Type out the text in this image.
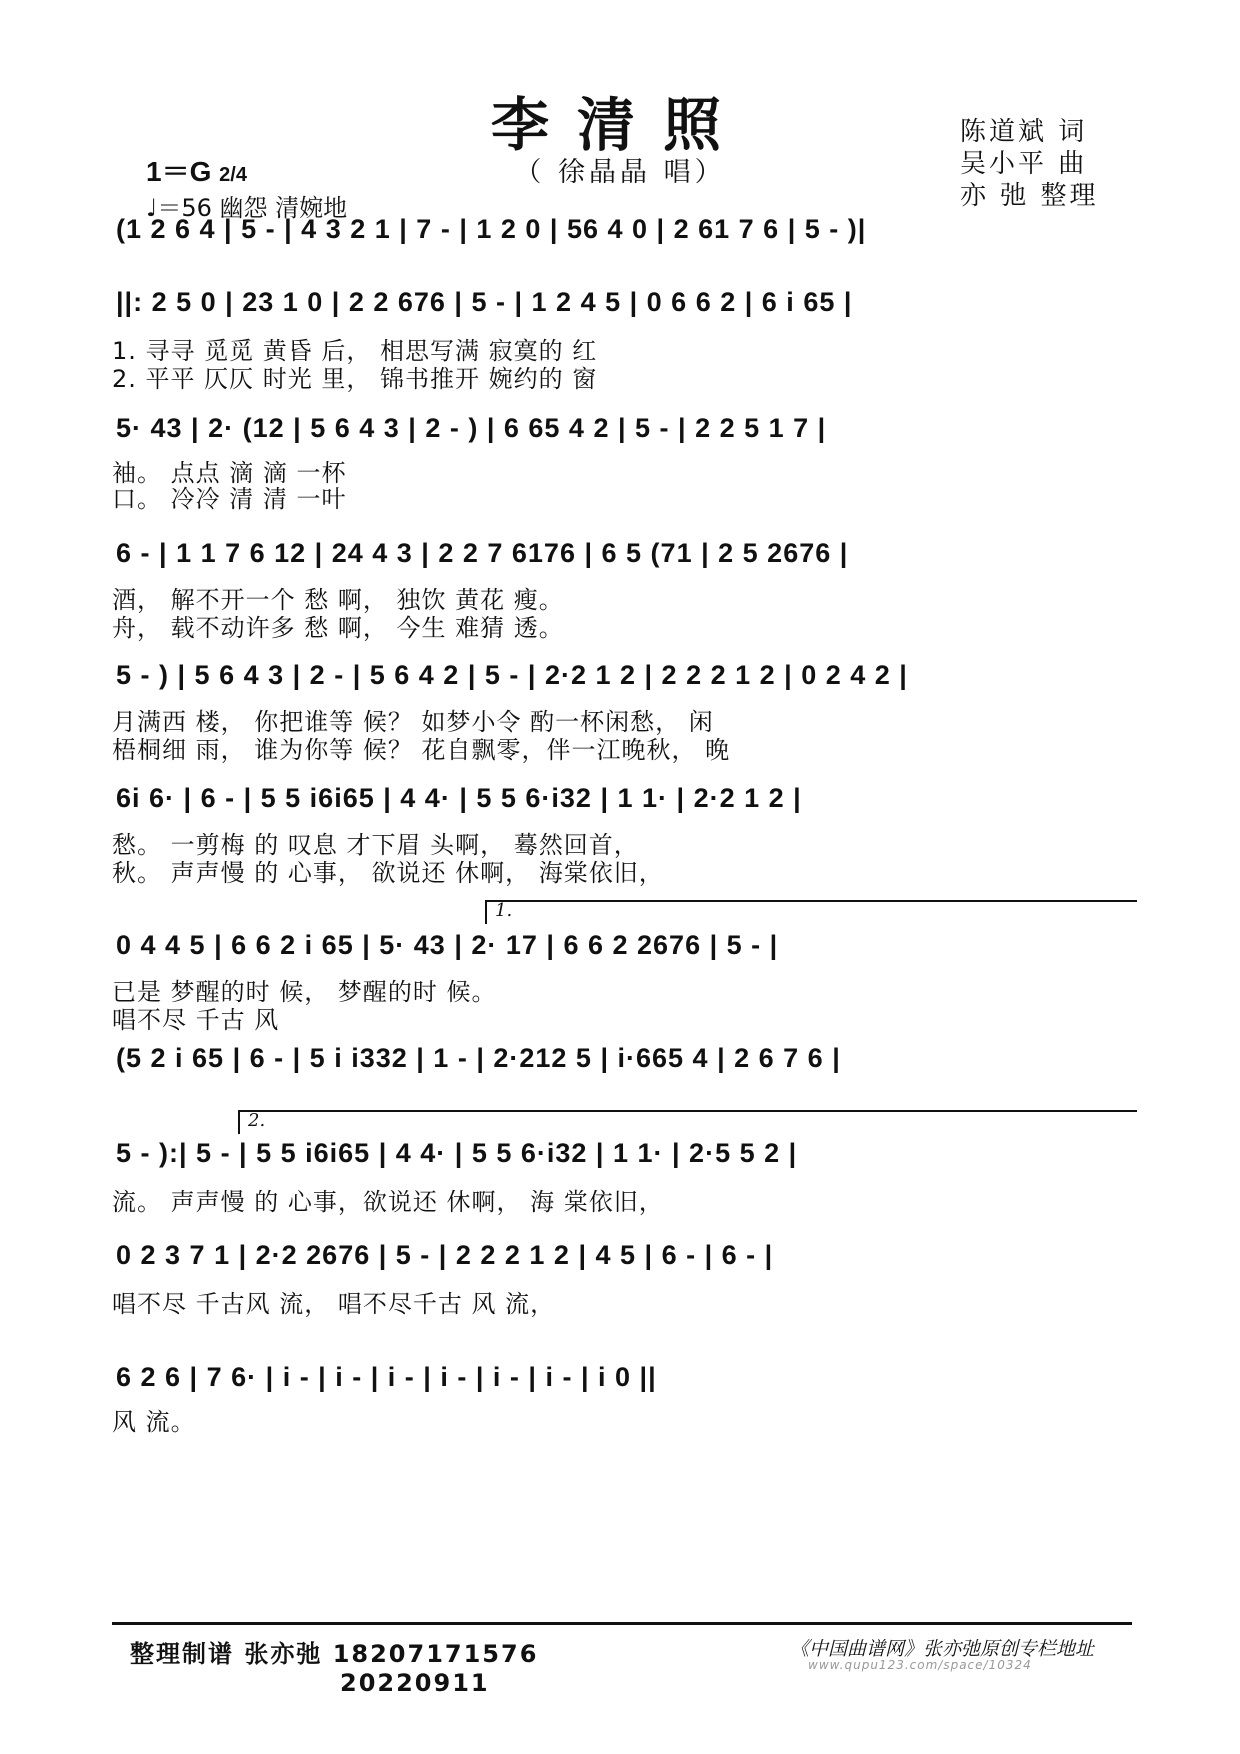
李清照
（ 徐晶晶 唱）
1＝G 2/4
♩＝56 幽怨 清婉地
陈道斌 词
吴小平 曲
亦 弛 整理
(1 2 6 4 | 5 - | 4 3 2 1 | 7 - | 1 2 0 | 56 4 0 | 2 61 7 6 | 5 - )|
||: 2 5 0 | 23 1 0 | 2 2 676 | 5 - | 1 2 4 5 | 0 6 6 2 | 6 i 65 |
1. 寻寻 觅觅 黄昏 后， 相思写满 寂寞的 红
2. 平平 仄仄 时光 里， 锦书推开 婉约的 窗
5· 43 | 2· (12 | 5 6 4 3 | 2 - ) | 6 65 4 2 | 5 - | 2 2 5 1 7 |
袖。 点点 滴 滴 一杯
口。 冷冷 清 清 一叶
6 - | 1 1 7 6 12 | 24 4 3 | 2 2 7 6176 | 6 5 (71 | 2 5 2676 |
酒， 解不开一个 愁 啊， 独饮 黄花 瘦。
舟， 载不动许多 愁 啊， 今生 难猜 透。
5 - ) | 5 6 4 3 | 2 - | 5 6 4 2 | 5 - | 2·2 1 2 | 2 2 2 1 2 | 0 2 4 2 |
月满西 楼， 你把谁等 候？ 如梦小令 酌一杯闲愁， 闲
梧桐细 雨， 谁为你等 候？ 花自飘零，伴一江晚秋， 晚
6i 6· | 6 - | 5 5 i6i65 | 4 4· | 5 5 6·i32 | 1 1· | 2·2 1 2 |
愁。 一剪梅 的 叹息 才下眉 头啊， 蓦然回首，
秋。 声声慢 的 心事， 欲说还 休啊， 海棠依旧，
1.
0 4 4 5 | 6 6 2 i 65 | 5· 43 | 2· 17 | 6 6 2 2676 | 5 - |
已是 梦醒的时 候， 梦醒的时 候。
唱不尽 千古 风
(5 2 i 65 | 6 - | 5 i i332 | 1 - | 2·212 5 | i·665 4 | 2 6 7 6 |
2.
5 - ):| 5 - | 5 5 i6i65 | 4 4· | 5 5 6·i32 | 1 1· | 2·5 5 2 |
流。 声声慢 的 心事，欲说还 休啊， 海 棠依旧，
0 2 3 7 1 | 2·2 2676 | 5 - | 2 2 2 1 2 | 4 5 | 6 - | 6 - |
唱不尽 千古风 流， 唱不尽千古 风 流，
6 2 6 | 7 6· | i - | i - | i - | i - | i - | i - | i 0 ||
风 流。
整理制谱 张亦弛 18207171576
20220911
《中国曲谱网》张亦弛原创专栏地址
www.qupu123.com/space/10324
